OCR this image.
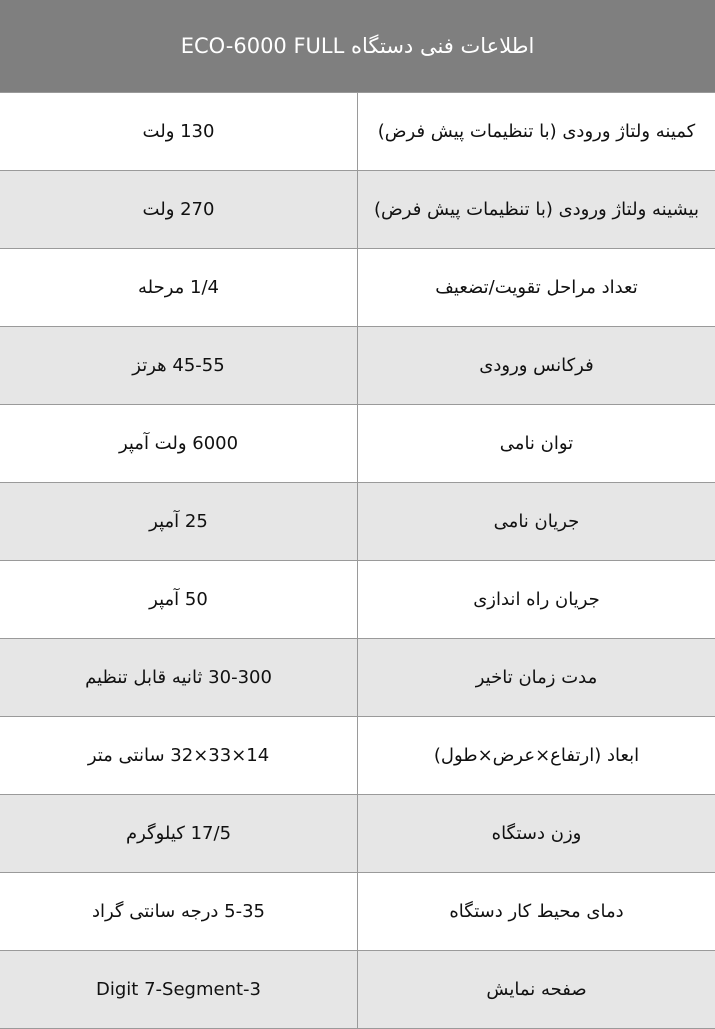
اطلاعات فنی دستگاه ECO-6000 FULL	
کمینه ولتاژ ورودی (با تنظیمات پیش فرض)	130 ولت
بیشینه ولتاژ ورودی (با تنظیمات پیش فرض)	270 ولت
تعداد مراحل تقویت/تضعیف	1/4 مرحله
فرکانس ورودی	45-55 هرتز
توان نامی	6000 ولت آمپر
جریان نامی	25 آمپر
جریان راه اندازی	50 آمپر
مدت زمان تاخیر	30-300 ثانیه قابل تنظیم
ابعاد (ارتفاع×عرض×طول)	14×33×32 سانتی متر
وزن دستگاه	17/5 کیلوگرم
دمای محیط کار دستگاه	5-35 درجه سانتی گراد
صفحه نمایش	3-Digit 7-Segment
